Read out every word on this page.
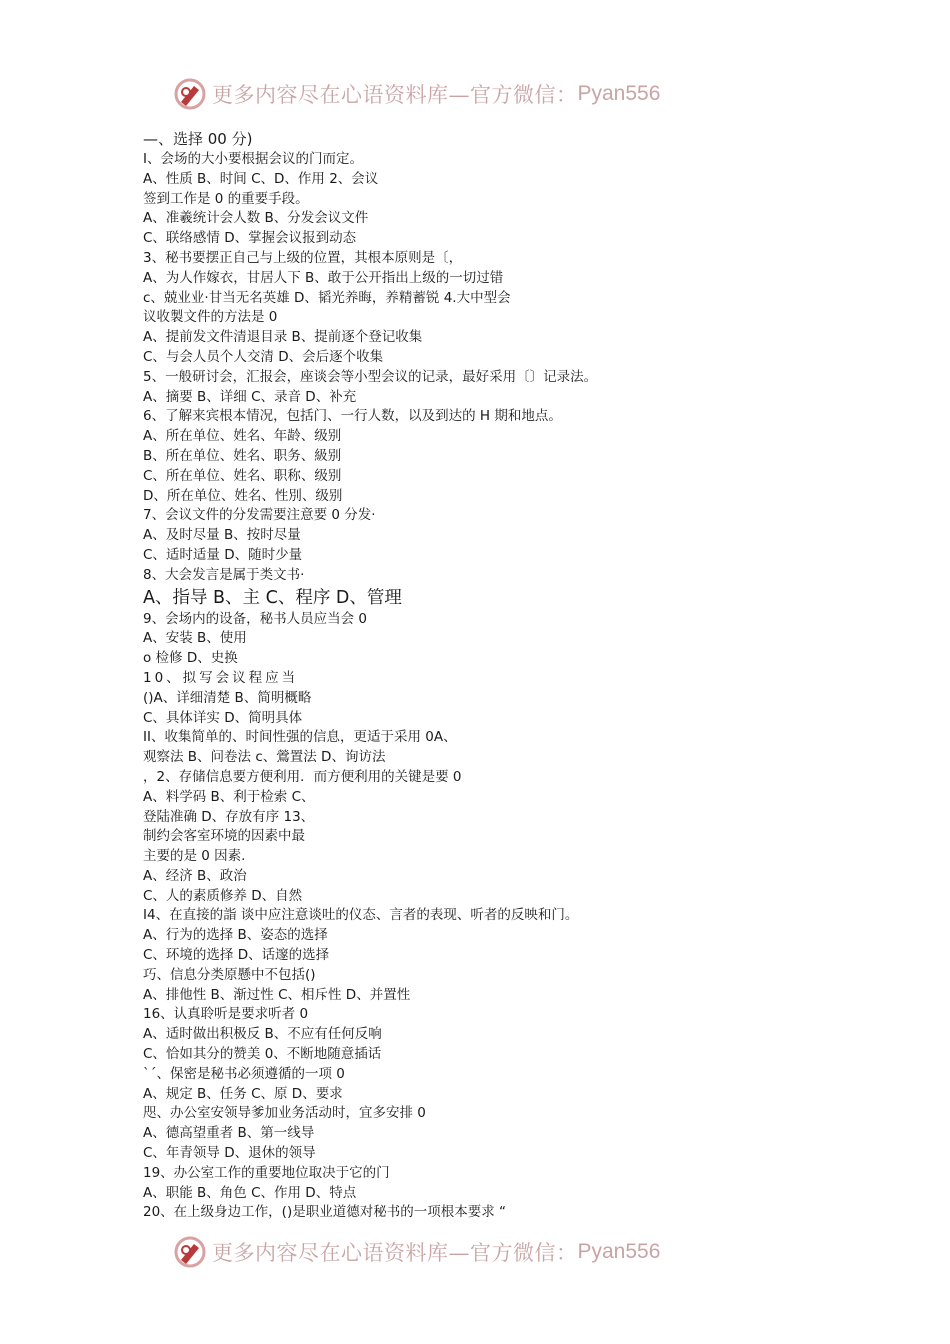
更多内容尽在心语资料库—官方微信： Pyan556
—、选择 00 分)
I、会场的大小要根据会议的门而定。
A、性质 B、时间 C、D、作用 2、会议
签到工作是 0 的重要手段。
A、准羲统计会人数 B、分发会议文件
C、联络感情 D、掌握会议报到动态
3、秘书要摆正自己与上级的位置，其根本原则是〔，
A、为人作嫁衣，甘居人下 B、敢于公开指出上级的一切过错
c、兢业业·甘当无名英雄 D、韬光养晦，养精蓄锐 4.大中型会
议收製文件的方法是 0
A、提前发文件清退目录 B、提前逐个登记收集
C、与会人员个人交清 D、会后逐个收集
5、一般研讨会，汇报会，座谈会等小型会议的记录，最好采用〔〕记录法。
A、摘要 B、详细 C、录音 D、补充
6、了解来宾根本情况，包括门、一行人数，以及到达的 H 期和地点。
A、所在单位、姓名、年龄、级别
B、所在单位、姓名、职务、級别
C、所在单位、姓名、职称、级别
D、所在单位、姓名、性別、级别
7、会议文件的分发需要注意要 0 分发·
A、及时尽量 B、按时尽量
C、适时适量 D、随时少量
8、大会发言是属于类文书·
A、指导 B、主 C、程序 D、管理
9、会场内的设备，秘书人员应当会 0
A、安装 B、使用
o 检修 D、史换
10、拟写会议程应当
()A、详细清楚 B、简明概略
C、具体详实 D、简明具体
II、收集简单的、时间性强的信息，更适于采用 0A、
观察法 B、问卷法 c、鶯置法 D、询访法
，2、存储信息要方便利用．而方便利用的关键是要 0
A、料学码 B、利于检索 C、
登陆准确 D、存放有序 13、
制约会客室环境的因素中最
主要的是 0 因素.
A、经济 B、政治
C、人的素质修养 D、自然
I4、在直接的詣 谈中应注意谈吐的仪态、言者的表现、听者的反映和门。
A、行为的选择 B、姿态的选择
C、环境的选择 D、话邃的选择
巧、信息分类原懸中不包括()
A、排他性 B、渐过性 C、相斥性 D、并置性
16、认真聆听是要求听者 0
A、适时做出积极反 B、不应有任何反响
C、恰如其分的赞美 0、不断地随意插话
`´、保密是秘书必须遵循的一项 0
A、规定 B、任务 C、原 D、要求
咫、办公室安领导爹加业务活动时，宜多安排 0
A、德高望重者 B、第一线导
C、年青领导 D、退休的领导
19、办公室工作的重要地位取决于它的门
A、职能 B、角色 C、作用 D、特点
20、在上级身边工作，()是职业道德对秘书的一项根本要求 “
更多内容尽在心语资料库—官方微信： Pyan556
